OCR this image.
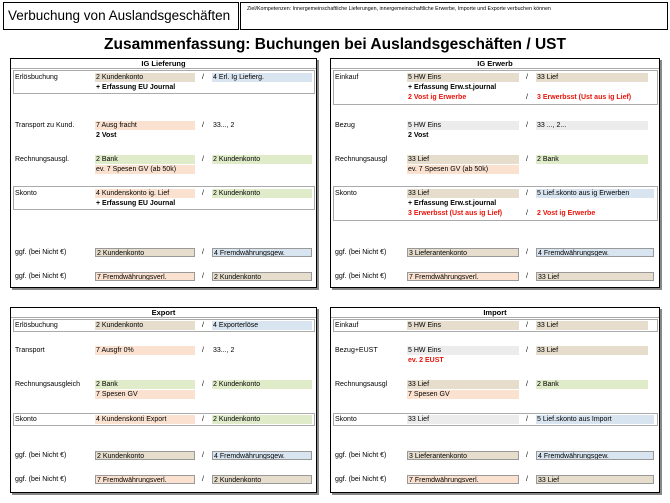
Verbuchung von Auslandsgeschäften	Ziel/Kompetenzen: Innergemeinschaftliche Lieferungen, innergemeinschaftliche Erwerbe, Importe und Exporte verbuchen können
Zusammenfassung: Buchungen bei Auslandsgeschäften / UST
IG Lieferung
Erlösbuchung	2 Kundenkonto	/ 4 Erl. Ig Liefierg.
+ Erfassung EU Journal
Transport zu Kund.	7 Ausg fracht	/ 33..., 2
2 Vost
Rechnungsausgl.	2 Bank	/ 2 Kundenkonto
ev. 7 Spesen GV (ab 50k)
Skonto	4 Kundenskonto ig. Lief	/ 2 Kundenkonto
+ Erfassung EU Journal
ggf. (bei Nicht €)	2 Kundenkonto	/ 4 Fremdwährungsgew.
ggf. (bei Nicht €)	7 Fremdwährungsverl.	/ 2 Kundenkonto
IG Erwerb
Einkauf	5 HW Eins	/ 33 Lief
+ Erfassung Erw.st.journal
2 Vost ig Erwerbe	/ 3 Erwerbsst (Ust aus ig Lief)
Bezug	5 HW Eins	/ 33 ..., 2...
2 Vost
Rechnungsausgl	33 Lief	/ 2 Bank
ev. 7 Spesen GV (ab 50k)
Skonto	33 Lief	/ 5 Lief.skonto aus ig Erwerben
+ Erfassung Erw.st.journal
3 Erwerbsst (Ust aus ig Lief)	/ 2 Vost ig Erwerbe
ggf. (bei Nicht €)	3 Lieferantenkonto	/ 4 Fremdwährungsgew.
ggf. (bei Nicht €)	7 Fremdwährungsverl.	/ 33 Lief
Export
Erlösbuchung	2 Kundenkonto	/ 4 Exporterlöse
Transport	7 Ausgfr 0%	/ 33..., 2
Rechnungsausgleich 2 Bank	/ 2 Kundenkonto
7 Spesen GV
Skonto	4 Kundenskonti Export	/ 2 Kundenkonto
ggf. (bei Nicht €)	2 Kundenkonto	/ 4 Fremdwährungsgew.
ggf. (bei Nicht €)	7 Fremdwährungsverl.	/ 2 Kundenkonto
Import
Einkauf	5 HW Eins	/ 33 Lief
Bezug+EUST	5 HW Eins	/ 33 Lief
ev. 2 EUST
Rechnungsausgl	33 Lief	/ 2 Bank
7 Spesen GV
Skonto	33 Lief	/ 5 Lief.skonto aus Import
ggf. (bei Nicht €)	3 Lieferantenkonto	/ 4 Fremdwährungsgew.
ggf. (bei Nicht €)	7 Fremdwährungsverl.	/ 33 Lief
